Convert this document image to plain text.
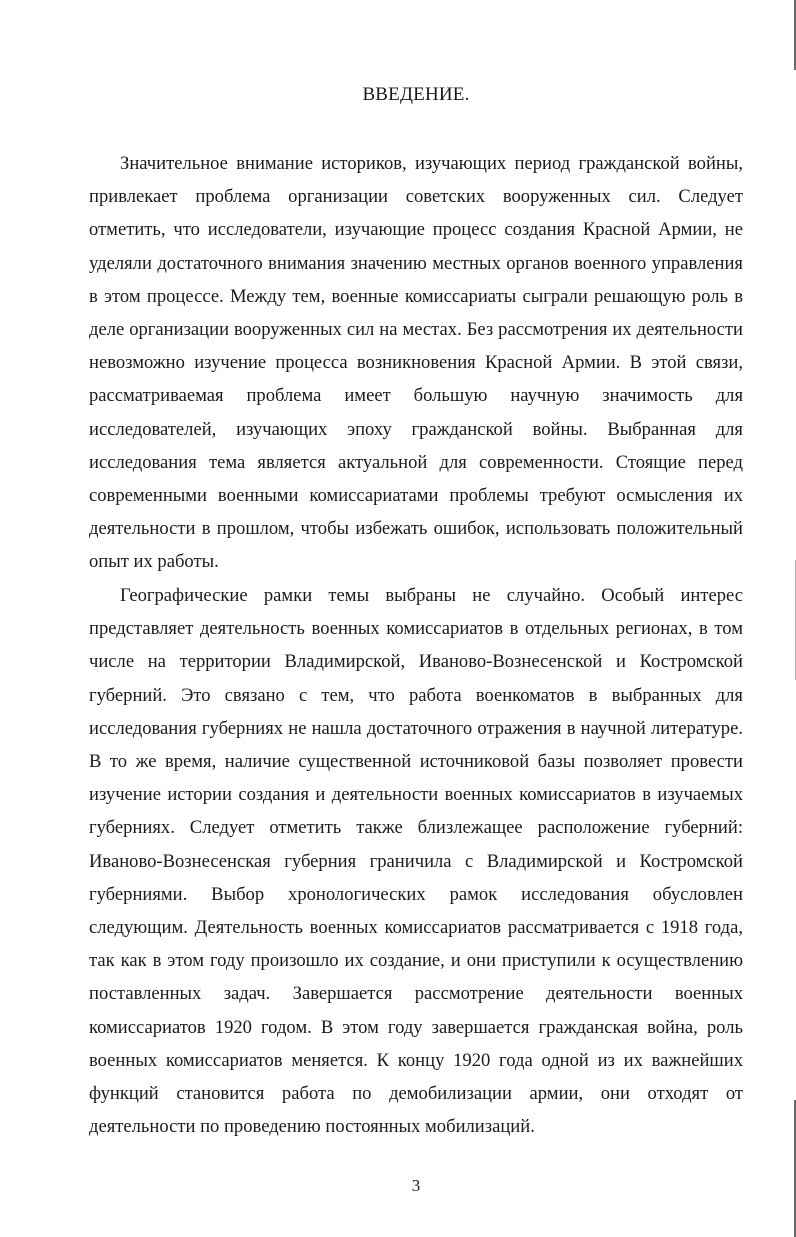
ВВЕДЕНИЕ.

Значительное внимание историков, изучающих период гражданской войны, привлекает проблема организации советских вооруженных сил. Следует отметить, что исследователи, изучающие процесс создания Красной Армии, не уделяли достаточного внимания значению местных органов военного управления в этом процессе. Между тем, военные комиссариаты сыграли решающую роль в деле организации вооруженных сил на местах. Без рассмотрения их деятельности невозможно изучение процесса возникновения Красной Армии. В этой связи, рассматриваемая проблема имеет большую научную значимость для исследователей, изучающих эпоху гражданской войны. Выбранная для исследования тема является актуальной для современности. Стоящие перед современными военными комиссариатами проблемы требуют осмысления их деятельности в прошлом, чтобы избежать ошибок, использовать положительный опыт их работы.

Географические рамки темы выбраны не случайно. Особый интерес представляет деятельность военных комиссариатов в отдельных регионах, в том числе на территории Владимирской, Иваново-Вознесенской и Костромской губерний. Это связано с тем, что работа военкоматов в выбранных для исследования губерниях не нашла достаточного отражения в научной литературе. В то же время, наличие существенной источниковой базы позволяет провести изучение истории создания и деятельности военных комиссариатов в изучаемых губерниях. Следует отметить также близлежащее расположение губерний: Иваново-Вознесенская губерния граничила с Владимирской и Костромской губерниями. Выбор хронологических рамок исследования обусловлен следующим. Деятельность военных комиссариатов рассматривается с 1918 года, так как в этом году произошло их создание, и они приступили к осуществлению поставленных задач. Завершается рассмотрение деятельности военных комиссариатов 1920 годом. В этом году завершается гражданская война, роль военных комиссариатов меняется. К концу 1920 года одной из их важнейших функций становится работа по демобилизации армии, они отходят от деятельности по проведению постоянных мобилизаций.

3
